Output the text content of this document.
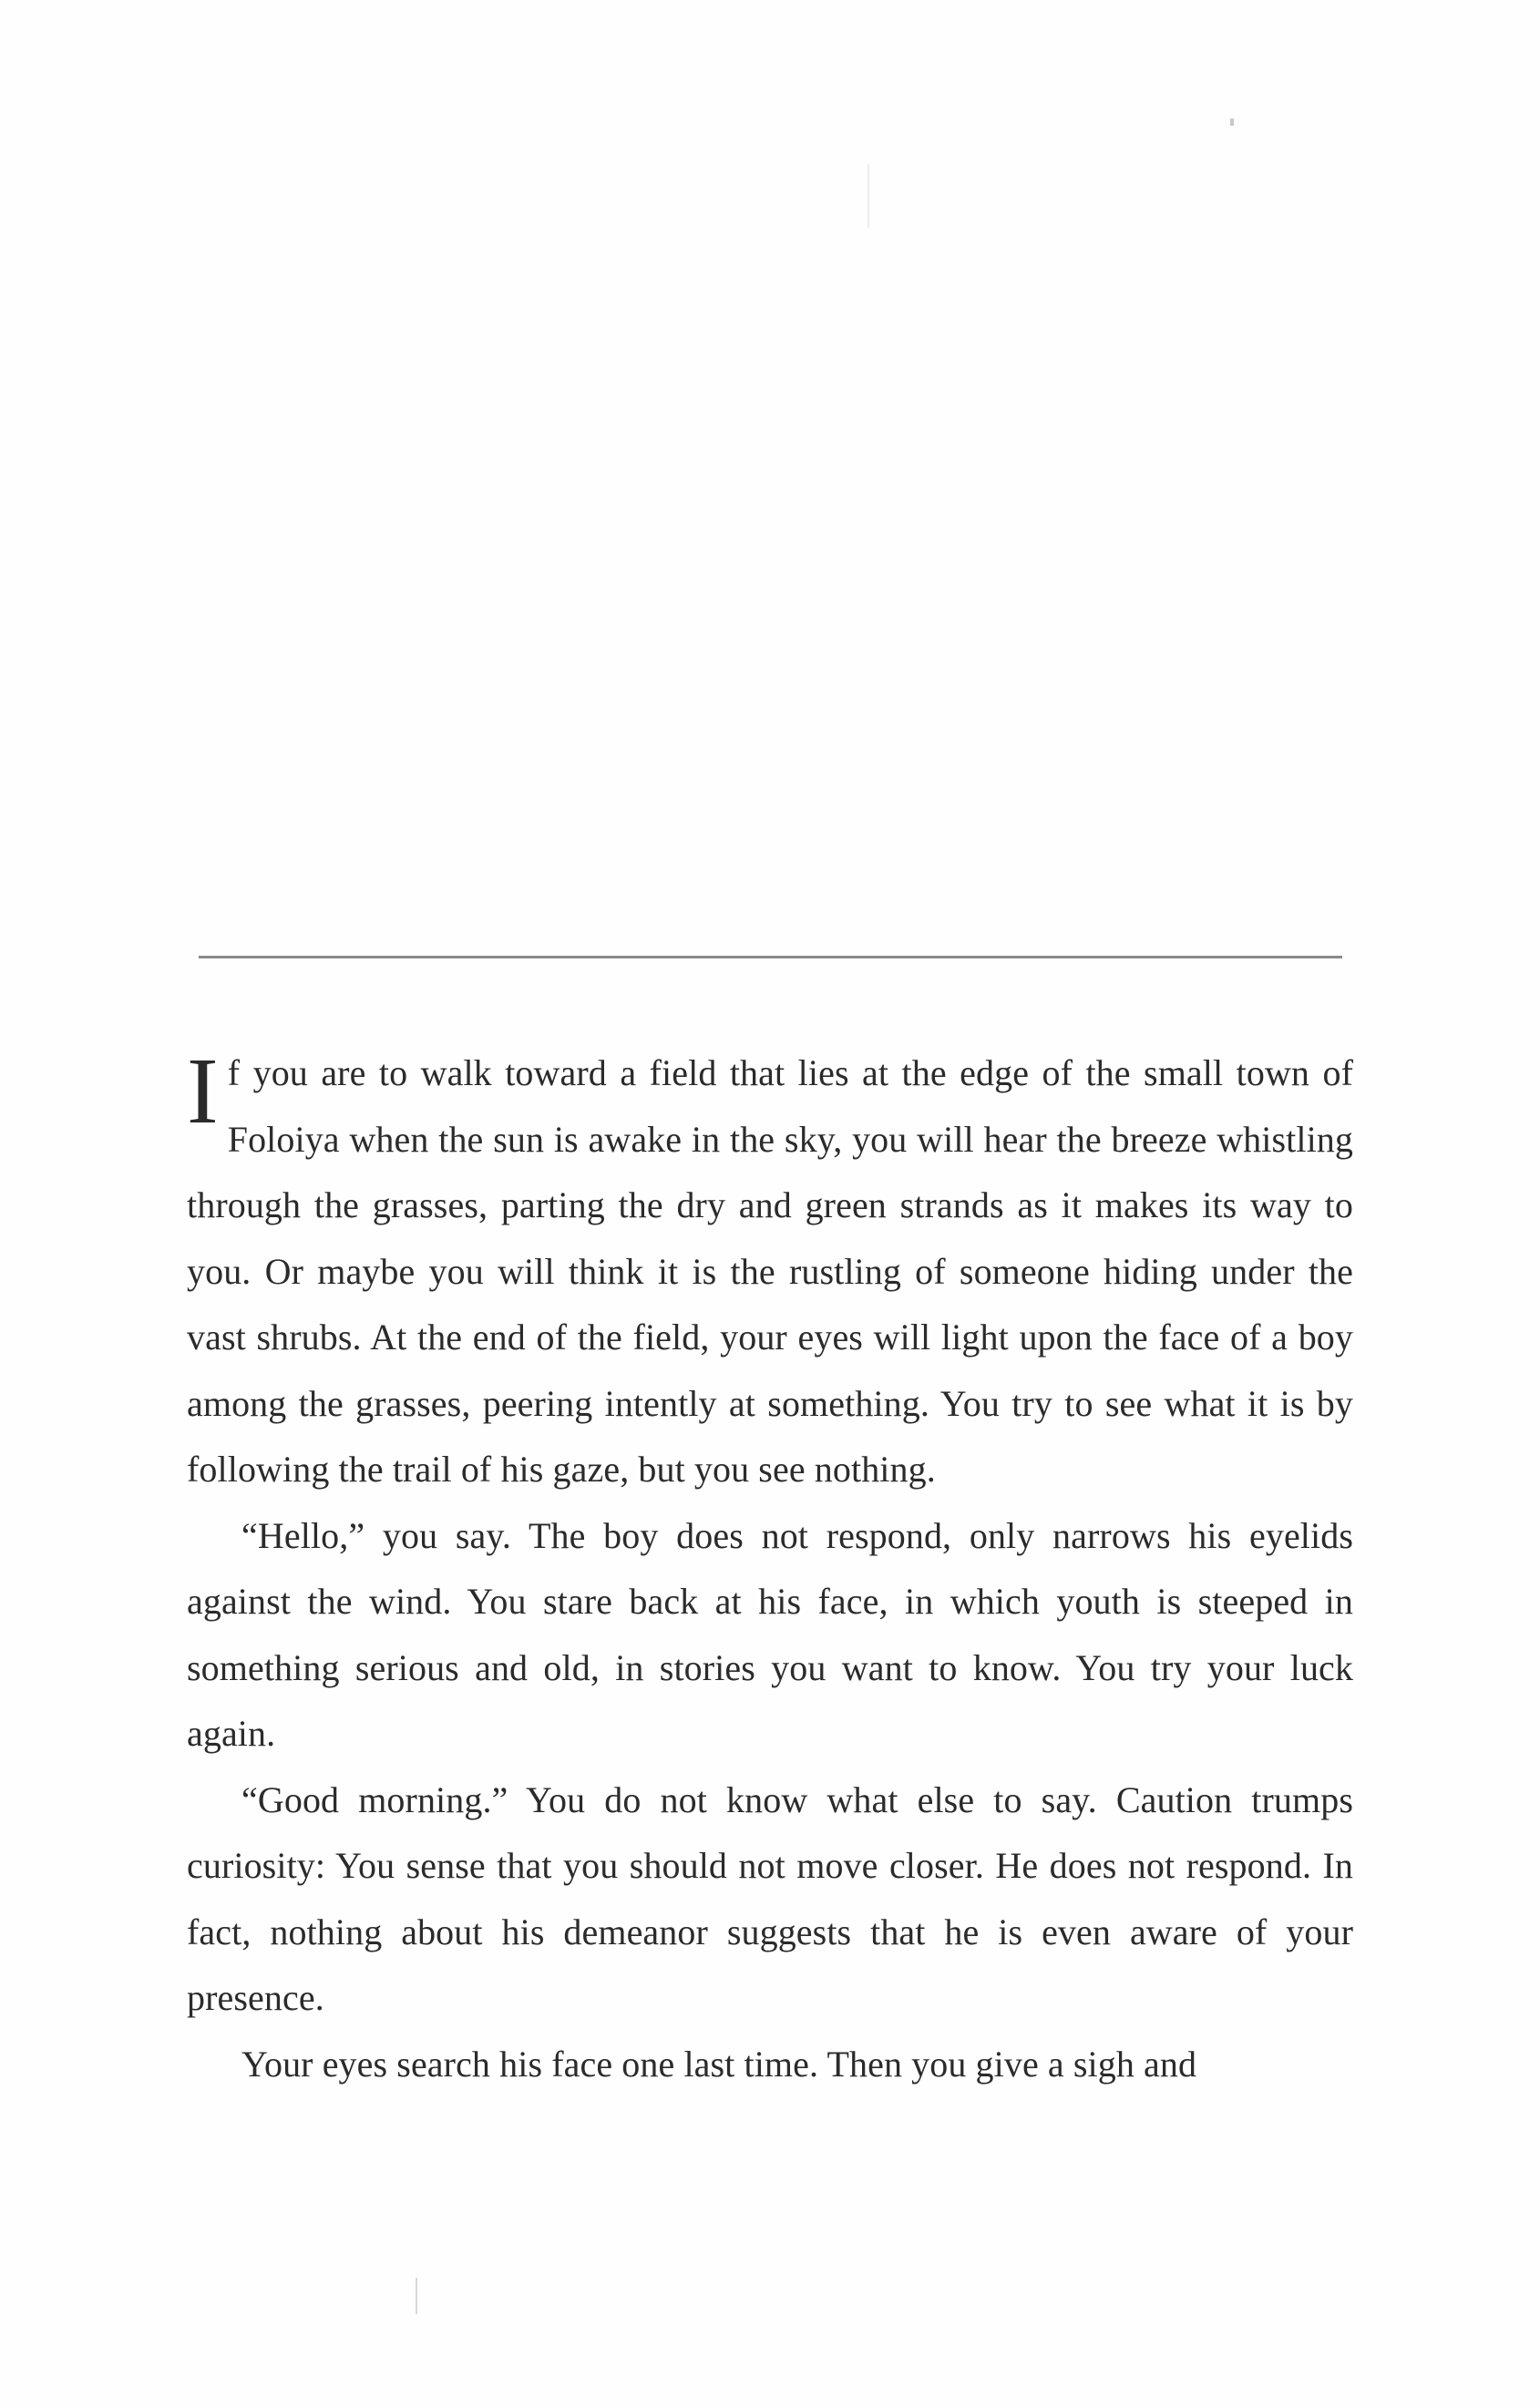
If you are to walk toward a field that lies at the edge of the small town of Foloiya when the sun is awake in the sky, you will hear the breeze whistling through the grasses, parting the dry and green strands as it makes its way to you. Or maybe you will think it is the rustling of someone hiding under the vast shrubs. At the end of the field, your eyes will light upon the face of a boy among the grasses, peering intently at something. You try to see what it is by following the trail of his gaze, but you see nothing.

“Hello,” you say. The boy does not respond, only narrows his eyelids against the wind. You stare back at his face, in which youth is steeped in something serious and old, in stories you want to know. You try your luck again.

“Good morning.” You do not know what else to say. Caution trumps curiosity: You sense that you should not move closer. He does not respond. In fact, nothing about his demeanor suggests that he is even aware of your presence.

Your eyes search his face one last time. Then you give a sigh and
